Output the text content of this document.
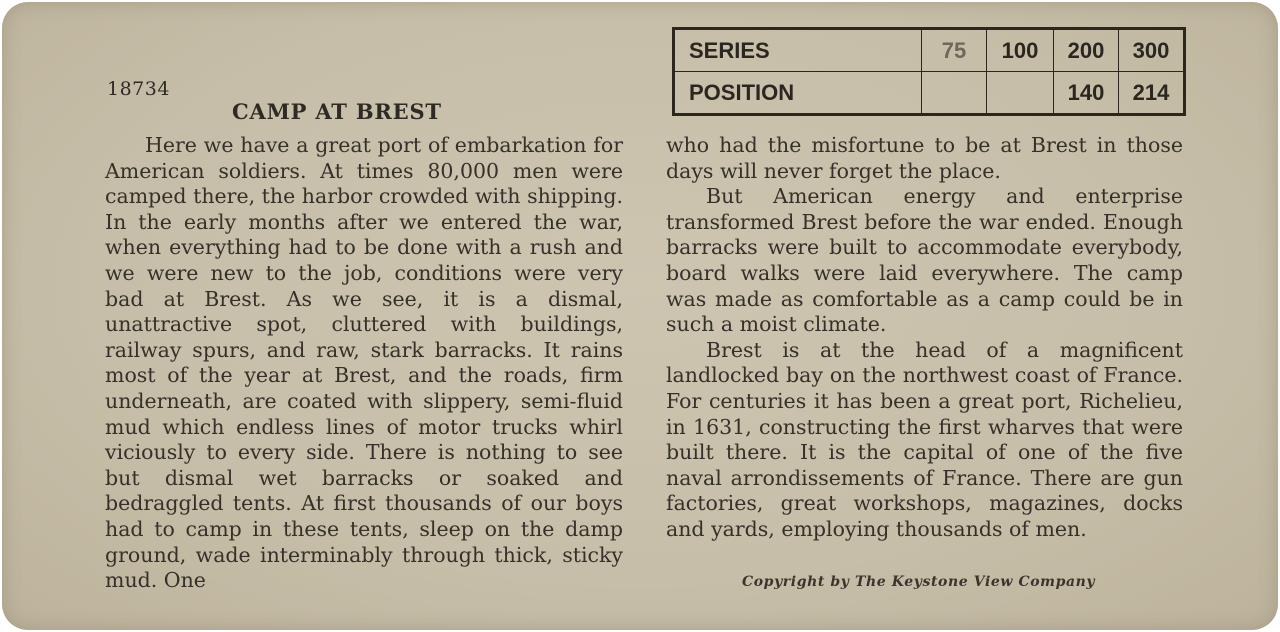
18734
CAMP AT BREST
SERIES	75	100	200	300
POSITION			140	214

Here we have a great port of embarkation for American soldiers. At times 80,000 men were camped there, the harbor crowded with shipping. In the early months after we entered the war, when everything had to be done with a rush and we were new to the job, conditions were very bad at Brest. As we see, it is a dismal, unattractive spot, cluttered with buildings, railway spurs, and raw, stark barracks. It rains most of the year at Brest, and the roads, firm underneath, are coated with slippery, semi-fluid mud which endless lines of motor trucks whirl viciously to every side. There is nothing to see but dismal wet barracks or soaked and bedraggled tents. At first thousands of our boys had to camp in these tents, sleep on the damp ground, wade interminably through thick, sticky mud. One

who had the misfortune to be at Brest in those days will never forget the place.

But American energy and enterprise transformed Brest before the war ended. Enough barracks were built to accommodate everybody, board walks were laid everywhere. The camp was made as comfortable as a camp could be in such a moist climate.

Brest is at the head of a magnificent landlocked bay on the northwest coast of France. For centuries it has been a great port, Richelieu, in 1631, constructing the first wharves that were built there. It is the capital of one of the five naval arrondissements of France. There are gun factories, great workshops, magazines, docks and yards, employing thousands of men.

Copyright by The Keystone View Company
